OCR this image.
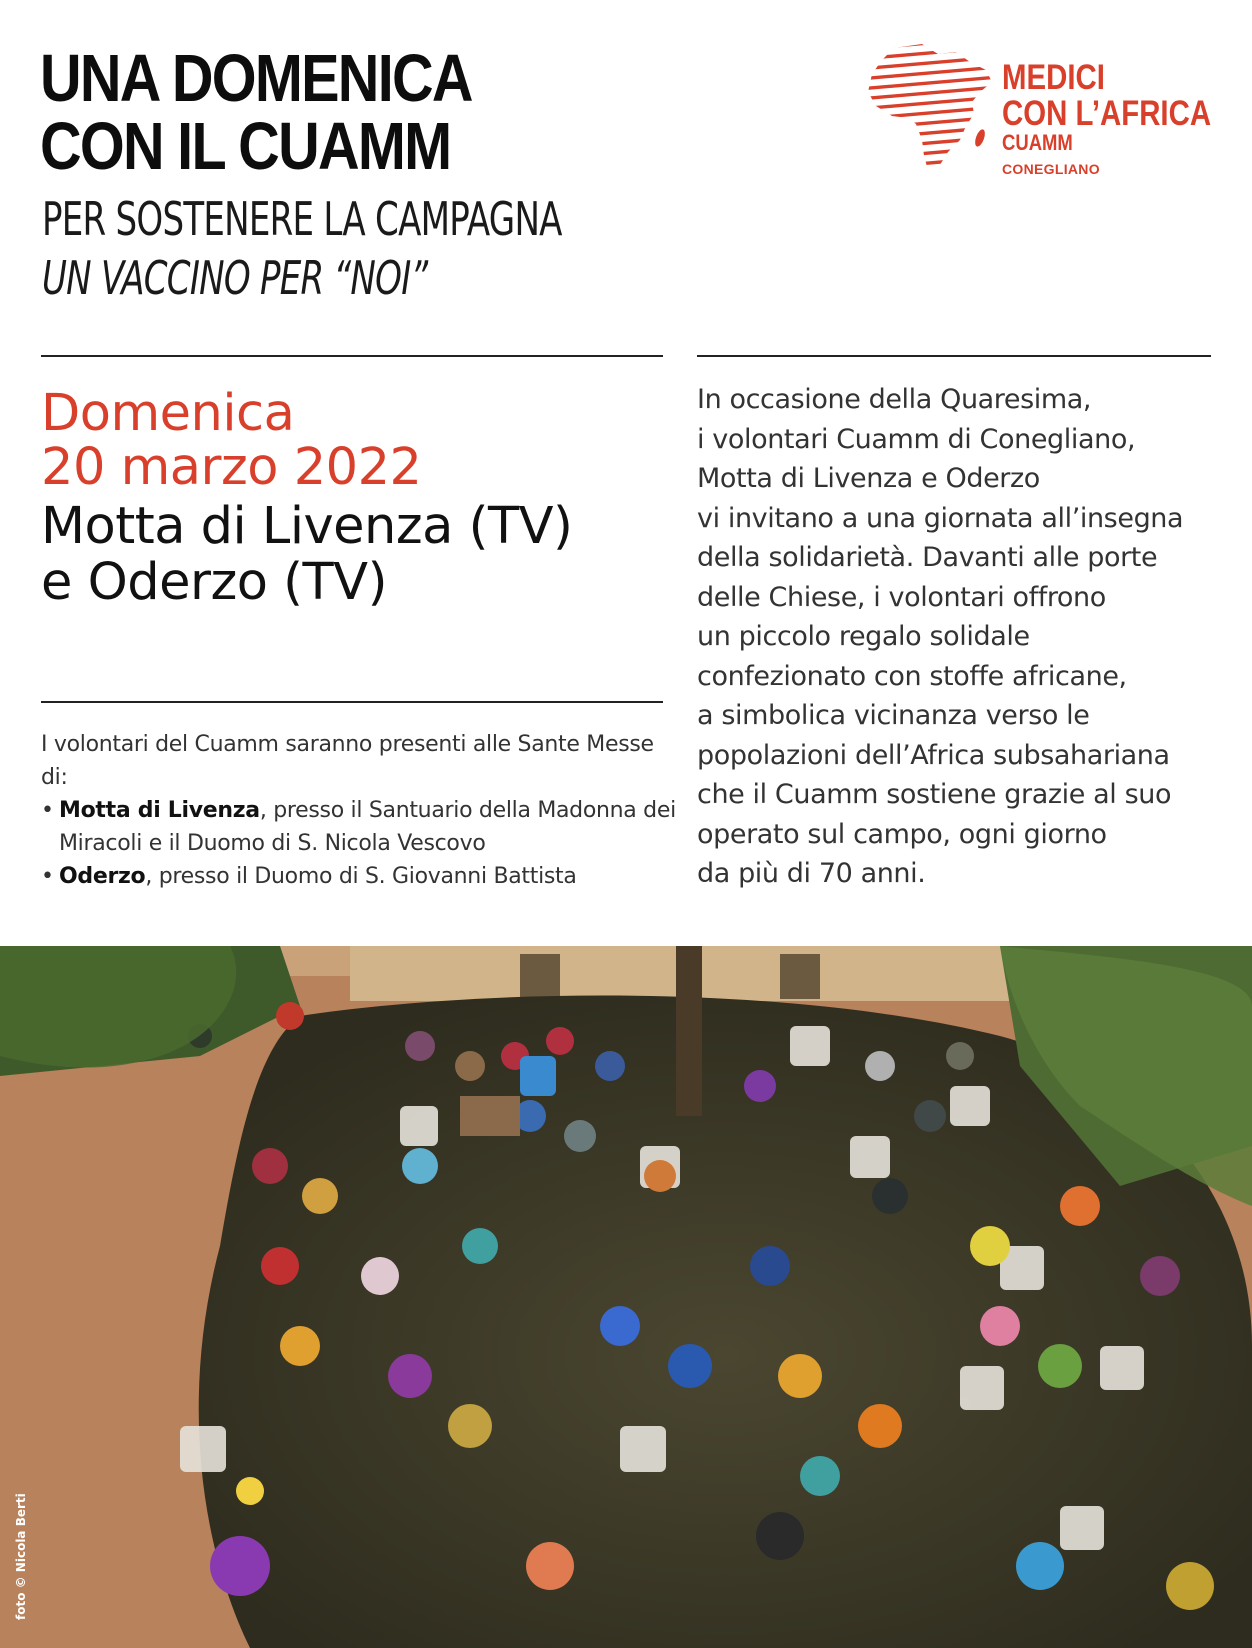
UNA DOMENICA
CON IL CUAMM
PER SOSTENERE LA CAMPAGNA
UN VACCINO PER “NOI”
MEDICI
CON L’AFRICA
CUAMM
CONEGLIANO
Domenica
20 marzo 2022
Motta di Livenza (TV)
e Oderzo (TV)

I volontari del Cuamm saranno presenti alle Sante Messe di:

• Motta di Livenza, presso il Santuario della Madonna dei Miracoli e il Duomo di S. Nicola Vescovo
• Oderzo, presso il Duomo di S. Giovanni Battista
In occasione della Quaresima,
i volontari Cuamm di Conegliano,
Motta di Livenza e Oderzo
vi invitano a una giornata all’insegna
della solidarietà. Davanti alle porte
delle Chiese, i volontari offrono
un piccolo regalo solidale
confezionato con stoffe africane,
a simbolica vicinanza verso le
popolazioni dell’Africa subsahariana
che il Cuamm sostiene grazie al suo
operato sul campo, ogni giorno
da più di 70 anni.
foto © Nicola Berti
